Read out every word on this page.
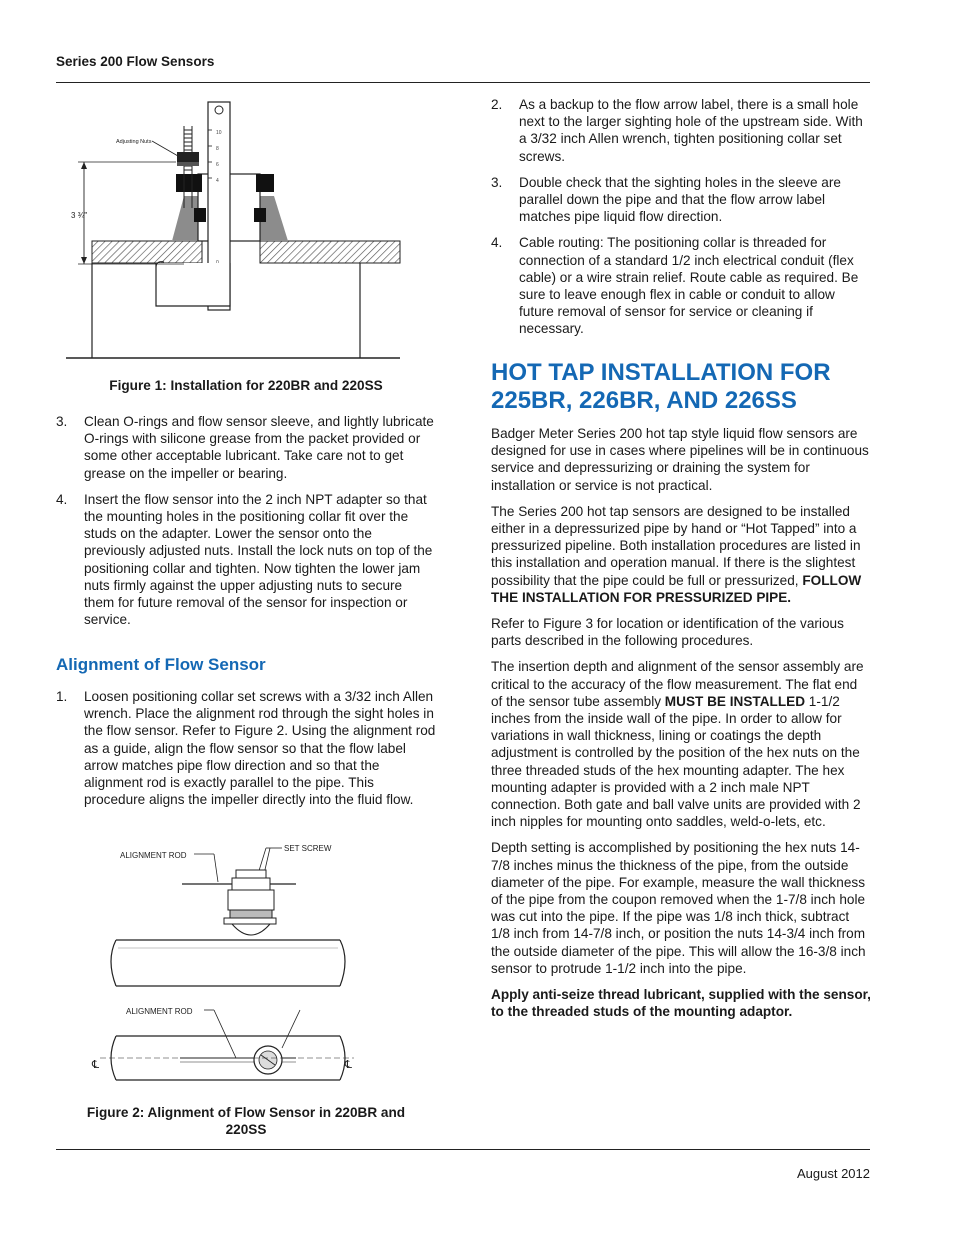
Series 200 Flow Sensors
10
8
6
4
Adjusting Nuts
3 ¾"
Figure 1: Installation for 220BR and 220SS
3. Clean O-rings and flow sensor sleeve, and lightly lubricate O-rings with silicone grease from the packet provided or some other acceptable lubricant. Take care not to get grease on the impeller or bearing.
4. Insert the flow sensor into the 2 inch NPT adapter so that the mounting holes in the positioning collar fit over the studs on the adapter. Lower the sensor onto the previously adjusted nuts. Install the lock nuts on top of the positioning collar and tighten. Now tighten the lower jam nuts firmly against the upper adjusting nuts to secure them for future removal of the sensor for inspection or service.
Alignment of Flow Sensor
1. Loosen positioning collar set screws with a 3/32 inch Allen wrench. Place the alignment rod through the sight holes in the flow sensor. Refer to Figure 2. Using the alignment rod as a guide, align the flow sensor so that the flow label arrow matches pipe flow direction and so that the alignment rod is exactly parallel to the pipe. This procedure aligns the impeller directly into the fluid flow.
ALIGNMENT ROD
SET SCREW
ALIGNMENT ROD
℄	℄
Figure 2: Alignment of Flow Sensor in 220BR and
220SS
2. As a backup to the flow arrow label, there is a small hole next to the larger sighting hole of the upstream side. With a 3/32 inch Allen wrench, tighten positioning collar set screws.
3. Double check that the sighting holes in the sleeve are parallel down the pipe and that the flow arrow label matches pipe liquid flow direction.
4. Cable routing: The positioning collar is threaded for connection of a standard 1/2 inch electrical conduit (flex cable) or a wire strain relief. Route cable as required. Be sure to leave enough flex in cable or conduit to allow future removal of sensor for service or cleaning if necessary.
HOT TAP INSTALLATION FOR
225BR, 226BR, AND 226SS

Badger Meter Series 200 hot tap style liquid flow sensors are designed for use in cases where pipelines will be in continuous service and depressurizing or draining the system for installation or service is not practical.

The Series 200 hot tap sensors are designed to be installed either in a depressurized pipe by hand or “Hot Tapped” into a pressurized pipeline. Both installation procedures are listed in this installation and operation manual. If there is the slightest possibility that the pipe could be full or pressurized, FOLLOW THE INSTALLATION FOR PRESSURIZED PIPE.

Refer to Figure 3 for location or identification of the various parts described in the following procedures.

The insertion depth and alignment of the sensor assembly are critical to the accuracy of the flow measurement. The flat end of the sensor tube assembly MUST BE INSTALLED 1-1/2 inches from the inside wall of the pipe. In order to allow for variations in wall thickness, lining or coatings the depth adjustment is controlled by the position of the hex nuts on the three threaded studs of the hex mounting adapter. The hex mounting adapter is provided with a 2 inch male NPT connection. Both gate and ball valve units are provided with 2 inch nipples for mounting onto saddles, weld-o-lets, etc.

Depth setting is accomplished by positioning the hex nuts 14-7/8 inches minus the thickness of the pipe, from the outside diameter of the pipe. For example, measure the wall thickness of the pipe from the coupon removed when the 1-7/8 inch hole was cut into the pipe. If the pipe was 1/8 inch thick, subtract 1/8 inch from 14-7/8 inch, or position the nuts 14-3/4 inch from the outside diameter of the pipe. This will allow the 16-3/8 inch sensor to protrude 1-1/2 inch into the pipe.

Apply anti-seize thread lubricant, supplied with the sensor, to the threaded studs of the mounting adaptor.

August 2012
